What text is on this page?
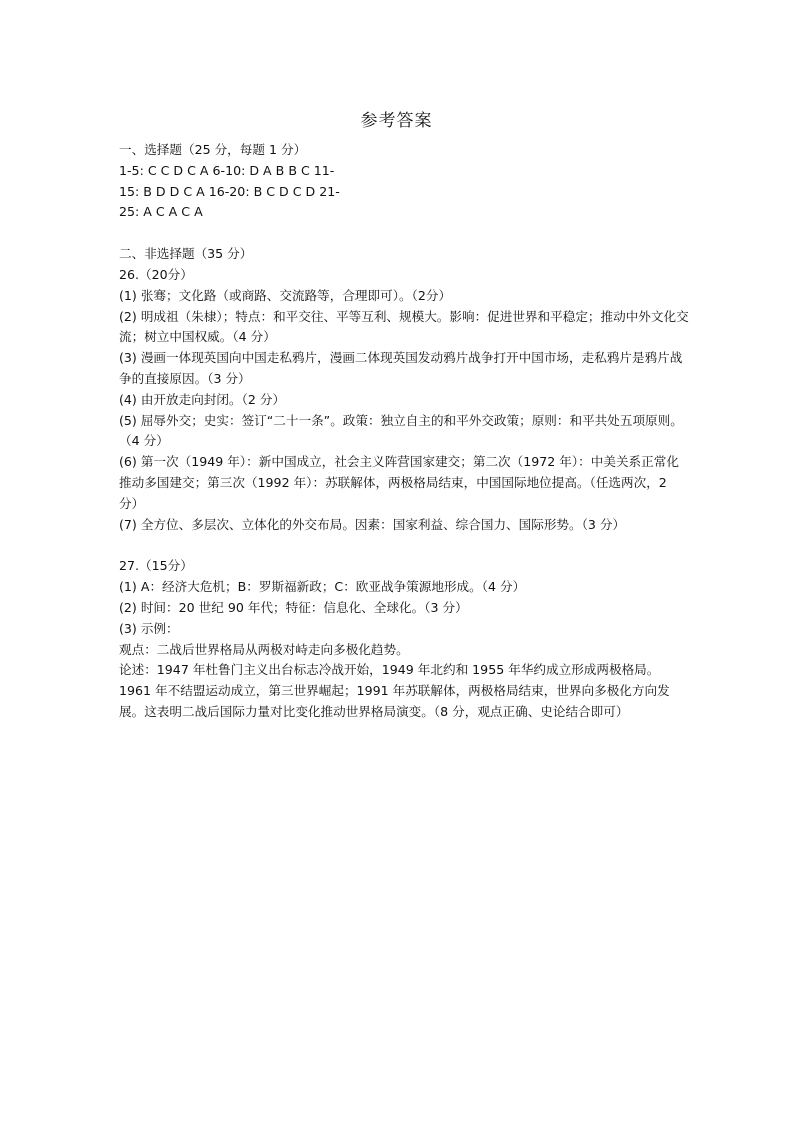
参考答案
一、选择题（25 分，每题 1 分）
1-5: C C D C A 6-10: D A B B C 11-
15: B D D C A 16-20: B C D C D 21-
25: A C A C A
二、非选择题（35 分）
26.（20分）
(1) 张骞；文化路（或商路、交流路等，合理即可）。（2分）
(2) 明成祖（朱棣）；特点：和平交往、平等互利、规模大。影响：促进世界和平稳定；推动中外文化交流；树立中国权威。（4 分）
(3) 漫画一体现英国向中国走私鸦片，漫画二体现英国发动鸦片战争打开中国市场，走私鸦片是鸦片战争的直接原因。（3 分）
(4) 由开放走向封闭。（2 分）
(5) 屈辱外交；史实：签订“二十一条”。政策：独立自主的和平外交政策；原则：和平共处五项原则。（4 分）
(6) 第一次（1949 年）：新中国成立，社会主义阵营国家建交；第二次（1972 年）：中美关系正常化推动多国建交；第三次（1992 年）：苏联解体，两极格局结束，中国国际地位提高。（任选两次，2 分）
(7) 全方位、多层次、立体化的外交布局。因素：国家利益、综合国力、国际形势。（3 分）
27.（15分）
(1) A：经济大危机；B：罗斯福新政；C：欧亚战争策源地形成。（4 分）
(2) 时间：20 世纪 90 年代；特征：信息化、全球化。（3 分）
(3) 示例：
观点：二战后世界格局从两极对峙走向多极化趋势。
论述：1947 年杜鲁门主义出台标志冷战开始，1949 年北约和 1955 年华约成立形成两极格局。1961 年不结盟运动成立，第三世界崛起；1991 年苏联解体，两极格局结束，世界向多极化方向发展。这表明二战后国际力量对比变化推动世界格局演变。（8 分，观点正确、史论结合即可）
